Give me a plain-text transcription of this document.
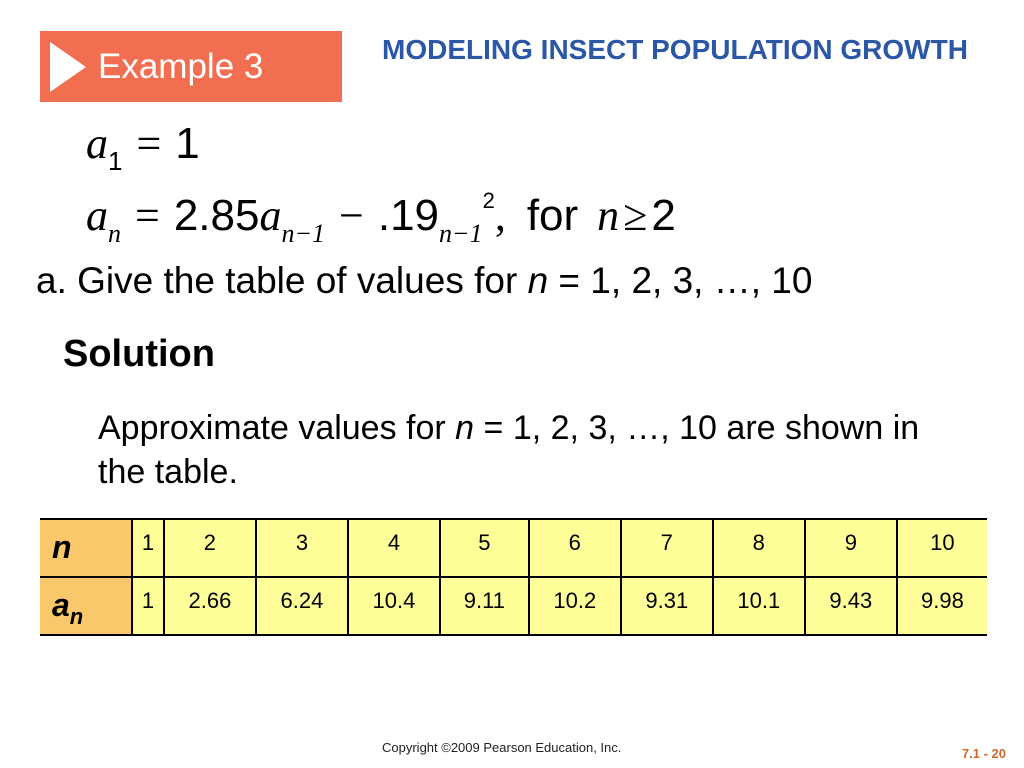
Example 3	MODELING INSECT POPULATION GROWTH
$a_1 = 1$
$a_n = 2.85a_{n-1} - .19_{n-1}^2$, for n≥2
a. Give the table of values for n = 1, 2, 3, …, 10
Solution
Approximate values for n = 1, 2, 3, …, 10 are shown in the table.
n	1	2	3	4	5	6	7	8	9	10
$a_n$	1	2.66	6.24	10.4	9.11	10.2	9.31	10.1	9.43	9.98
Copyright ©2009 Pearson Education, Inc.	7.1 - 20
